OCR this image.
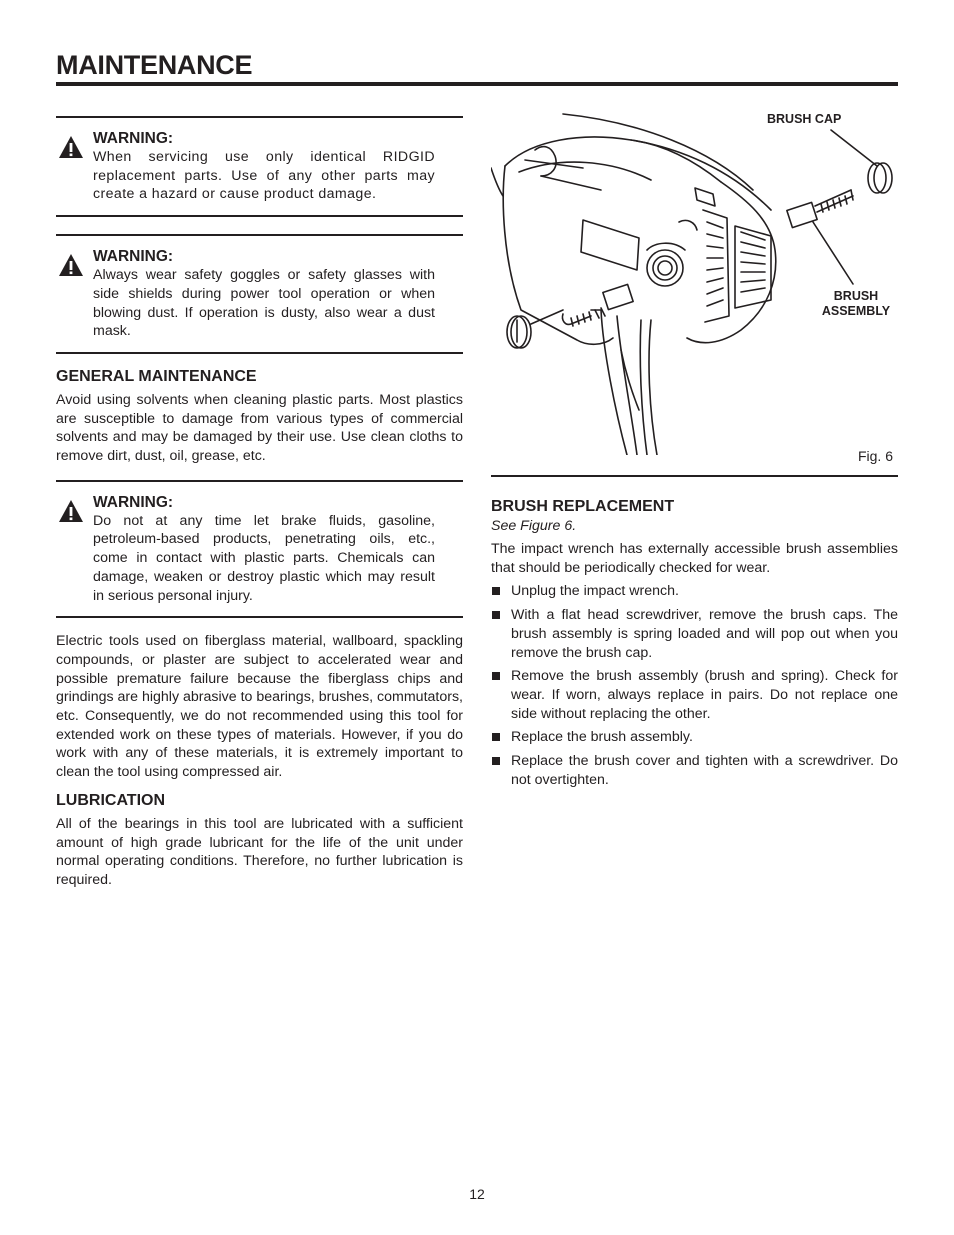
MAINTENANCE
WARNING:
When servicing use only identical RIDGID replacement parts. Use of any other parts may create a hazard or cause product damage.
WARNING:
Always wear safety goggles or safety glasses with side shields during power tool operation or when blowing dust. If operation is dusty, also wear a dust mask.
GENERAL MAINTENANCE

Avoid using solvents when cleaning plastic parts. Most plastics are susceptible to damage from various types of commercial solvents and may be damaged by their use. Use clean cloths to remove dirt, dust, oil, grease, etc.

WARNING:
Do not at any time let brake fluids, gasoline, petroleum-based products, penetrating oils, etc., come in contact with plastic parts. Chemicals can damage, weaken or destroy plastic which may result in serious personal injury.

Electric tools used on fiberglass material, wallboard, spackling compounds, or plaster are subject to accelerated wear and possible premature failure because the fiberglass chips and grindings are highly abrasive to bearings, brushes, commutators, etc. Consequently, we do not recommended using this tool for extended work on these types of materials. However, if you do work with any of these materials, it is extremely important to clean the tool using compressed air.

LUBRICATION

All of the bearings in this tool are lubricated with a sufficient amount of high grade lubricant for the life of the unit under normal operating conditions. Therefore, no further lubrication is required.

BRUSH CAP
BRUSH ASSEMBLY
Fig. 6
BRUSH REPLACEMENT
See Figure 6.

The impact wrench has externally accessible brush assemblies that should be periodically checked for wear.

Unplug the impact wrench.
With a flat head screwdriver, remove the brush caps. The brush assembly is spring loaded and will pop out when you remove the brush cap.
Remove the brush assembly (brush and spring). Check for wear. If worn, always replace in pairs. Do not replace one side without replacing the other.
Replace the brush assembly.
Replace the brush cover and tighten with a screwdriver. Do not overtighten.
12
